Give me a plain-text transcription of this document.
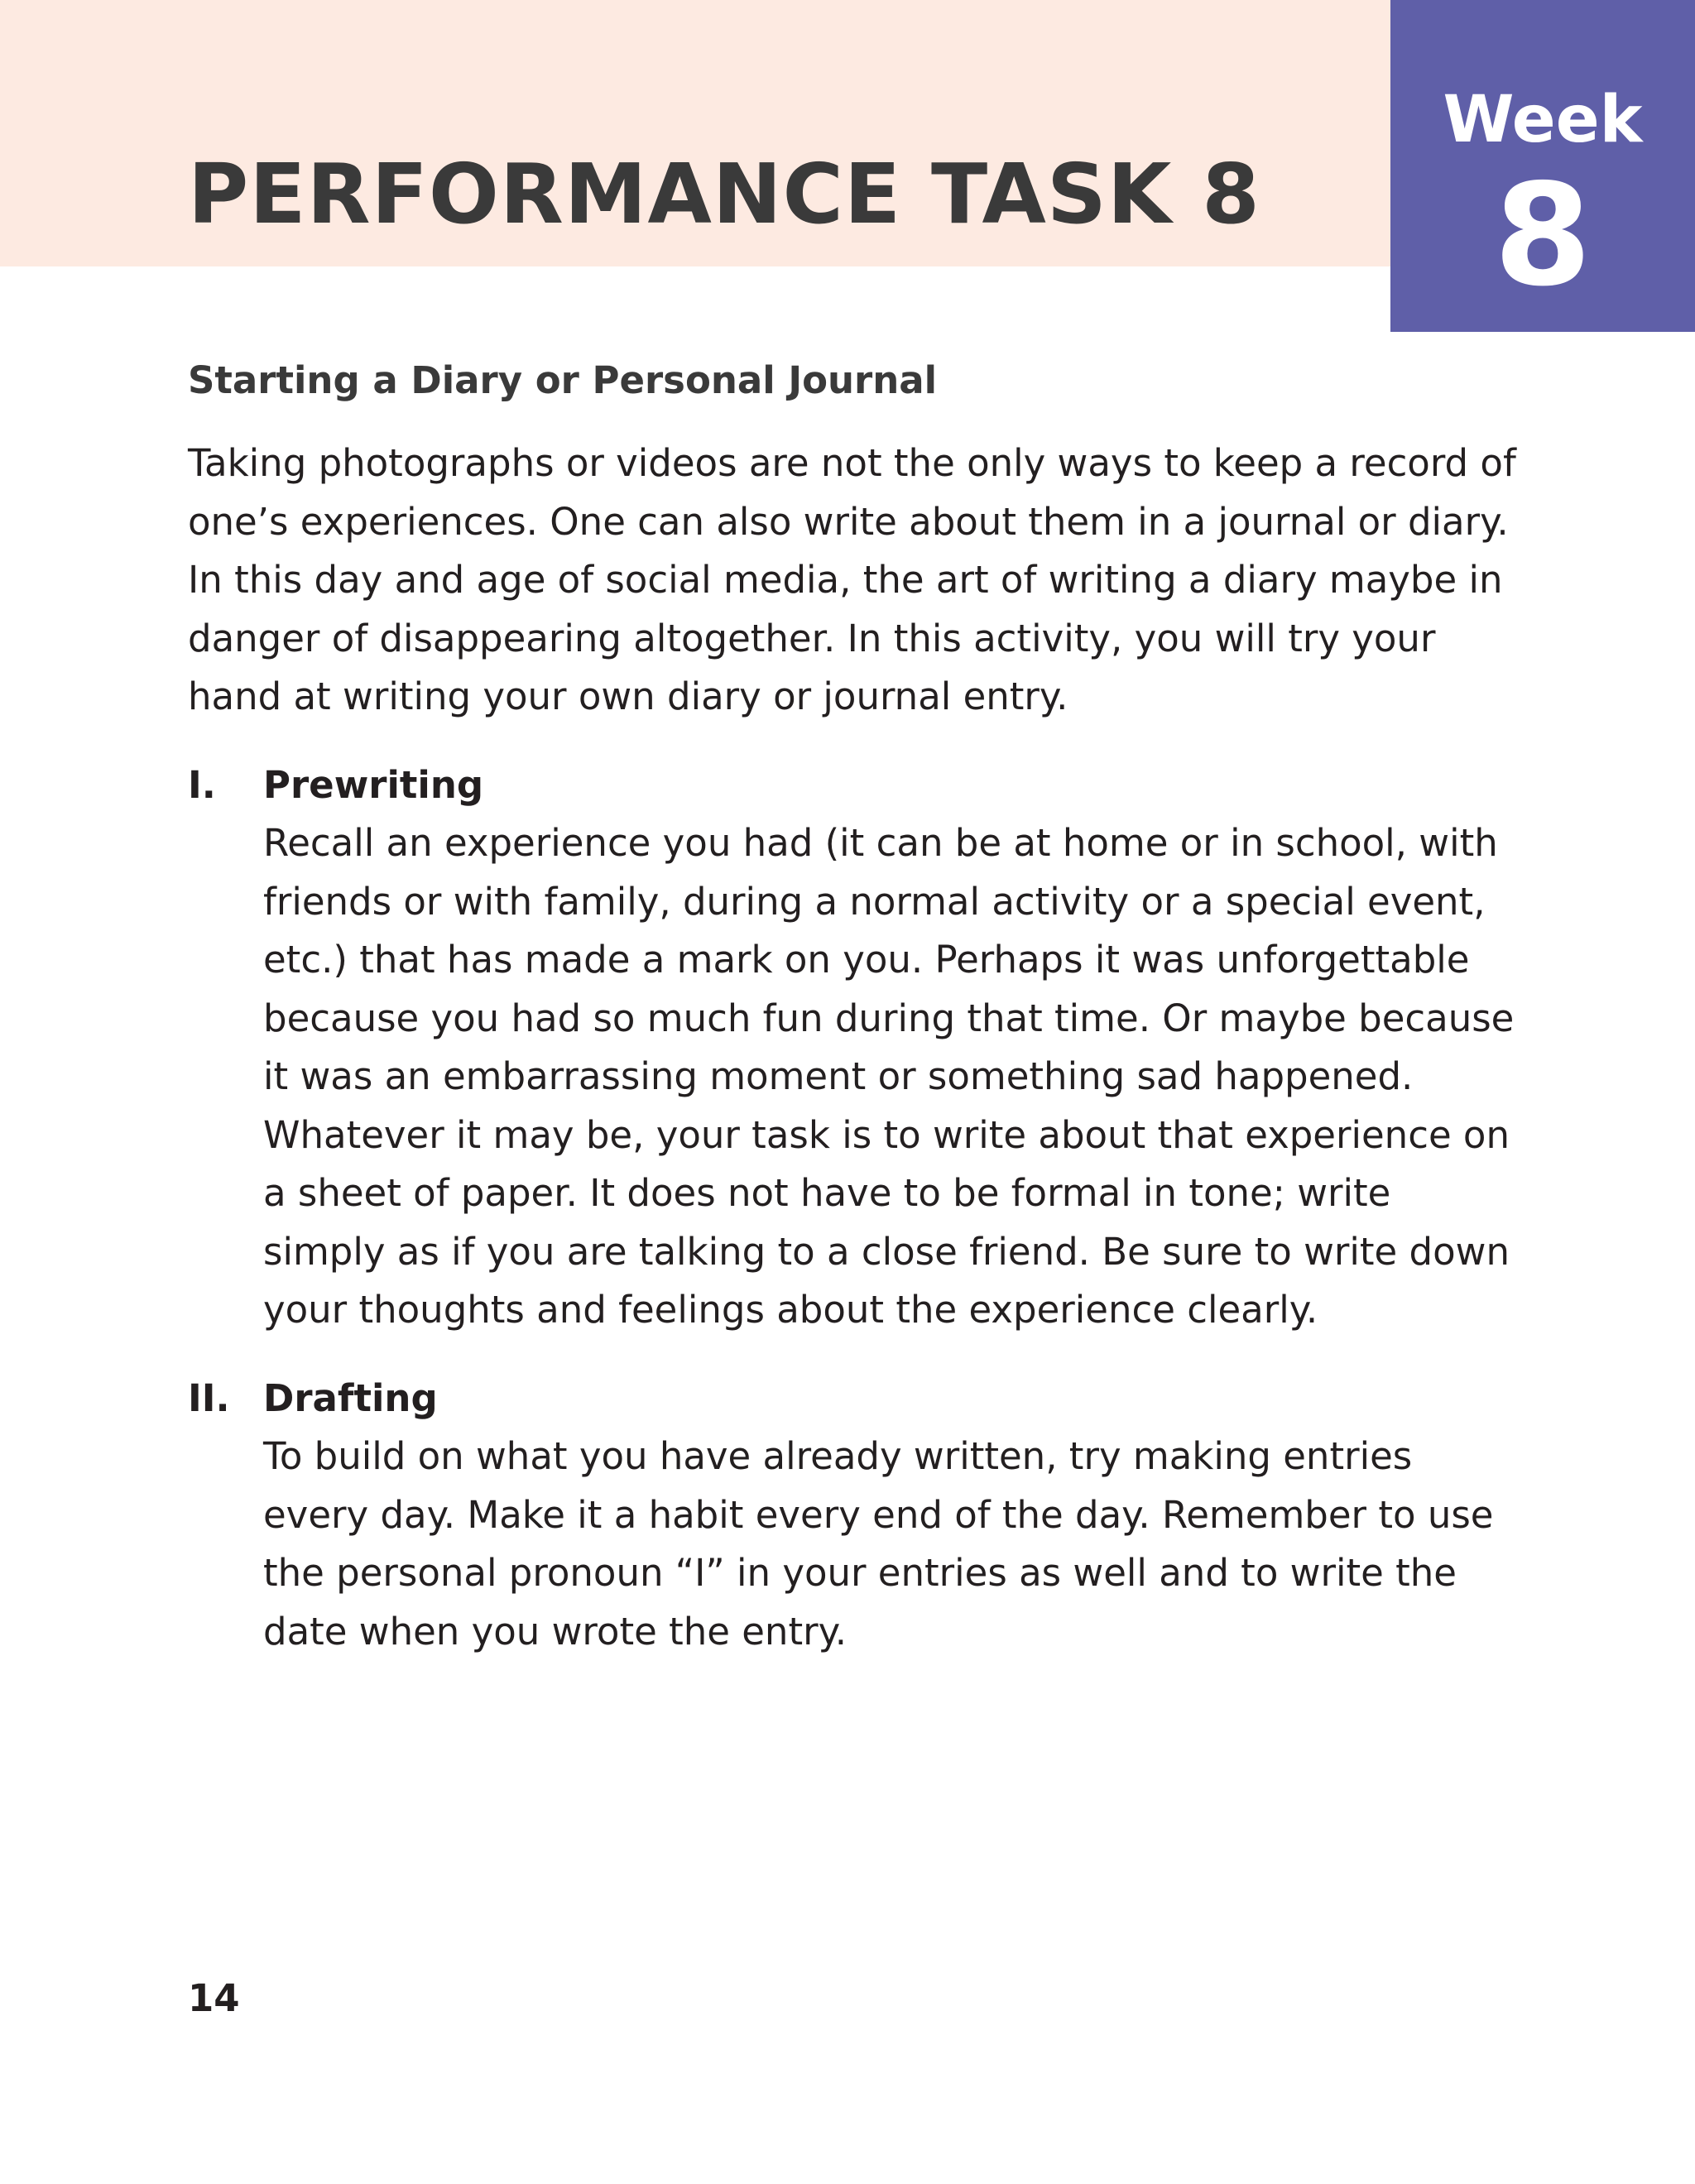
PERFORMANCE TASK 8
Week
8
Starting a Diary or Personal Journal

Taking photographs or videos are not the only ways to keep a record of one’s experiences. One can also write about them in a journal or diary. In this day and age of social media, the art of writing a diary maybe in danger of disappearing altogether. In this activity, you will try your hand at writing your own diary or journal entry.

I. Prewriting

Recall an experience you had (it can be at home or in school, with friends or with family, during a normal activity or a special event, etc.) that has made a mark on you. Perhaps it was unforgettable because you had so much fun during that time. Or maybe because it was an embarrassing moment or something sad happened. Whatever it may be, your task is to write about that experience on a sheet of paper. It does not have to be formal in tone; write simply as if you are talking to a close friend. Be sure to write down your thoughts and feelings about the experience clearly.

II. Drafting

To build on what you have already written, try making entries every day. Make it a habit every end of the day. Remember to use the personal pronoun “I” in your entries as well and to write the date when you wrote the entry.

14
